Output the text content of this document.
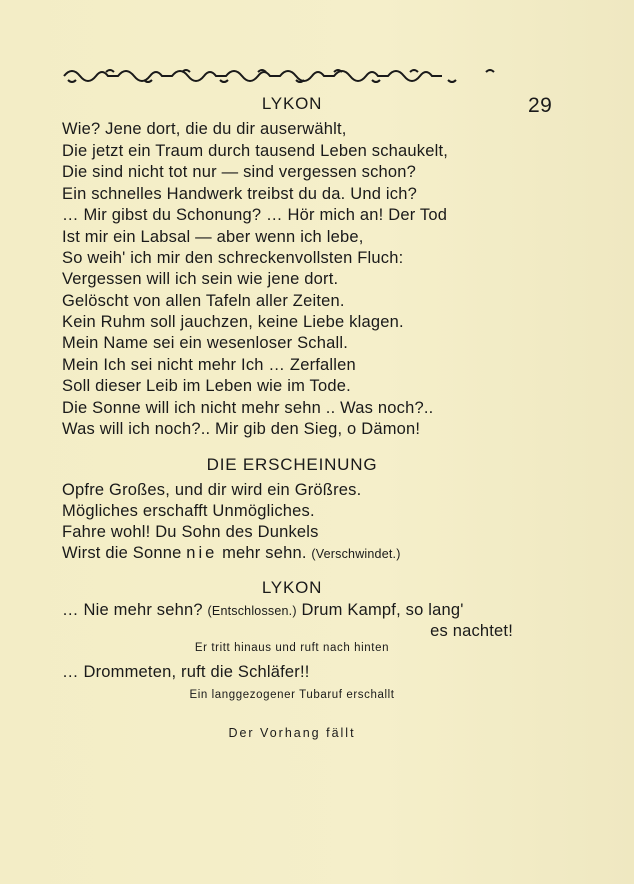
29
LYKON
Wie? Jene dort, die du dir auserwählt,
Die jetzt ein Traum durch tausend Leben schaukelt,
Die sind nicht tot nur — sind vergessen schon?
Ein schnelles Handwerk treibst du da. Und ich?
… Mir gibst du Schonung? … Hör mich an! Der Tod
Ist mir ein Labsal — aber wenn ich lebe,
So weih' ich mir den schreckenvollsten Fluch:
Vergessen will ich sein wie jene dort.
Gelöscht von allen Tafeln aller Zeiten.
Kein Ruhm soll jauchzen, keine Liebe klagen.
Mein Name sei ein wesenloser Schall.
Mein Ich sei nicht mehr Ich … Zerfallen
Soll dieser Leib im Leben wie im Tode.
Die Sonne will ich nicht mehr sehn .. Was noch?..
Was will ich noch?.. Mir gib den Sieg, o Dämon!
DIE ERSCHEINUNG
Opfre Großes, und dir wird ein Größres.
Mögliches erschafft Unmögliches.
Fahre wohl! Du Sohn des Dunkels
Wirst die Sonne nie mehr sehn. (Verschwindet.)
LYKON
… Nie mehr sehn? (Entschlossen.) Drum Kampf, so lang'
es nachtet!
Er tritt hinaus und ruft nach hinten
… Drommeten, ruft die Schläfer!!
Ein langgezogener Tubaruf erschallt
Der Vorhang fällt
